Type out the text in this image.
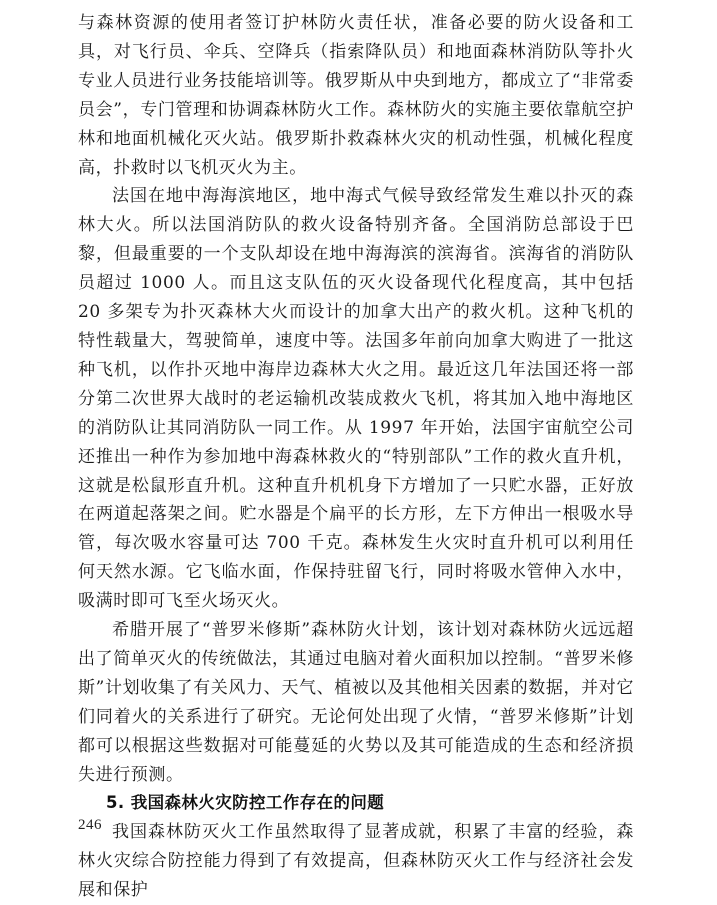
与森林资源的使用者签订护林防火责任状，准备必要的防火设备和工具，对飞行员、伞兵、空降兵（指索降队员）和地面森林消防队等扑火专业人员进行业务技能培训等。俄罗斯从中央到地方，都成立了“非常委员会”，专门管理和协调森林防火工作。森林防火的实施主要依靠航空护林和地面机械化灭火站。俄罗斯扑救森林火灾的机动性强，机械化程度高，扑救时以飞机灭火为主。

法国在地中海海滨地区，地中海式气候导致经常发生难以扑灭的森林大火。所以法国消防队的救火设备特别齐备。全国消防总部设于巴黎，但最重要的一个支队却设在地中海海滨的滨海省。滨海省的消防队员超过 1000 人。而且这支队伍的灭火设备现代化程度高，其中包括 20 多架专为扑灭森林大火而设计的加拿大出产的救火机。这种飞机的特性载量大，驾驶简单，速度中等。法国多年前向加拿大购进了一批这种飞机，以作扑灭地中海岸边森林大火之用。最近这几年法国还将一部分第二次世界大战时的老运输机改装成救火飞机，将其加入地中海地区的消防队让其同消防队一同工作。从 1997 年开始，法国宇宙航空公司还推出一种作为参加地中海森林救火的“特别部队”工作的救火直升机，这就是松鼠形直升机。这种直升机机身下方增加了一只贮水器，正好放在两道起落架之间。贮水器是个扁平的长方形，左下方伸出一根吸水导管，每次吸水容量可达 700 千克。森林发生火灾时直升机可以利用任何天然水源。它飞临水面，作保持驻留飞行，同时将吸水管伸入水中，吸满时即可飞至火场灭火。

希腊开展了“普罗米修斯”森林防火计划，该计划对森林防火远远超出了简单灭火的传统做法，其通过电脑对着火面积加以控制。“普罗米修斯”计划收集了有关风力、天气、植被以及其他相关因素的数据，并对它们同着火的关系进行了研究。无论何处出现了火情，“普罗米修斯”计划都可以根据这些数据对可能蔓延的火势以及其可能造成的生态和经济损失进行预测。

5. 我国森林火灾防控工作存在的问题

我国森林防灭火工作虽然取得了显著成就，积累了丰富的经验，森林火灾综合防控能力得到了有效提高，但森林防灭火工作与经济社会发展和保护

246
